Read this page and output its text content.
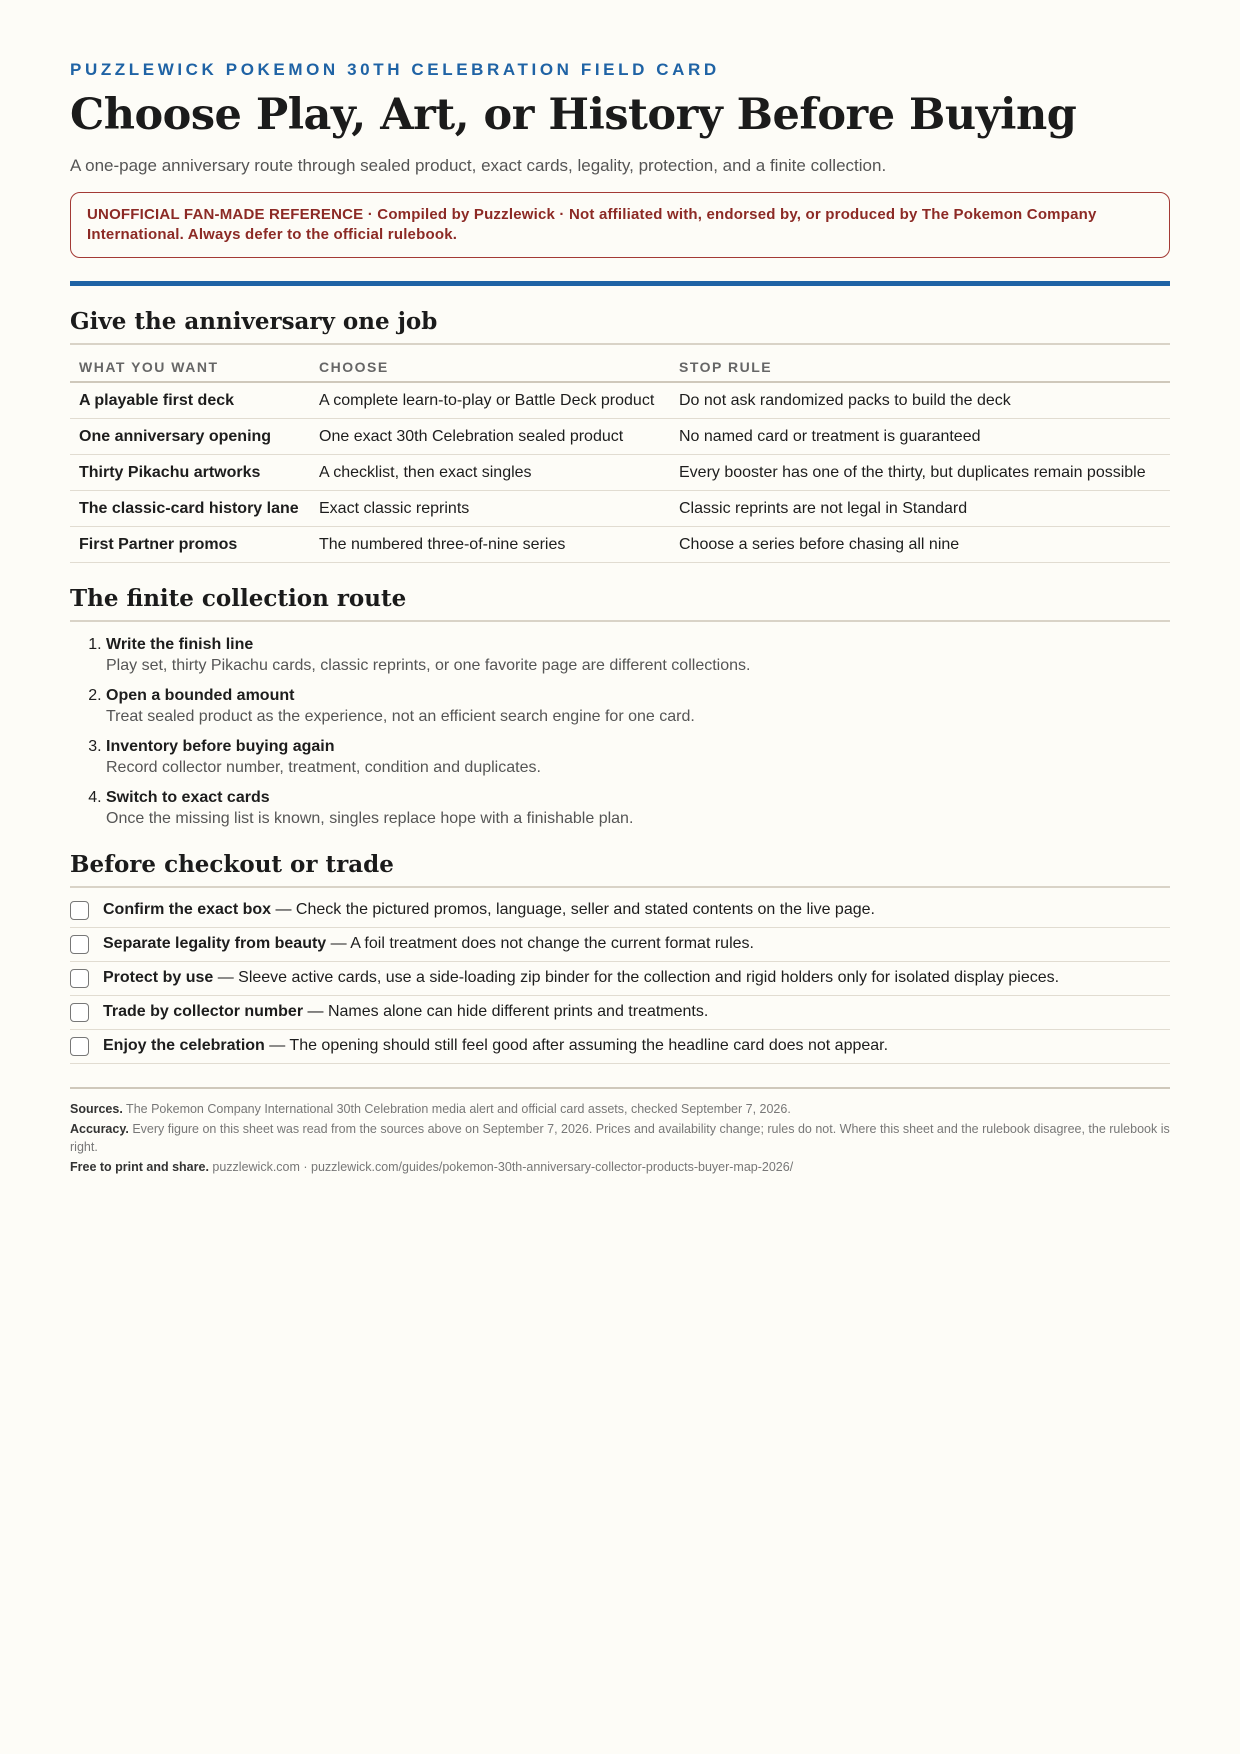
PUZZLEWICK POKEMON 30TH CELEBRATION FIELD CARD
Choose Play, Art, or History Before Buying
A one-page anniversary route through sealed product, exact cards, legality, protection, and a finite collection.
UNOFFICIAL FAN-MADE REFERENCE · Compiled by Puzzlewick · Not affiliated with, endorsed by, or produced by The Pokemon Company International. Always defer to the official rulebook.
Give the anniversary one job
WHAT YOU WANT	CHOOSE	STOP RULE
A playable first deck	A complete learn-to-play or Battle Deck product	Do not ask randomized packs to build the deck
One anniversary opening	One exact 30th Celebration sealed product	No named card or treatment is guaranteed
Thirty Pikachu artworks	A checklist, then exact singles	Every booster has one of the thirty, but duplicates remain possible
The classic-card history lane	Exact classic reprints	Classic reprints are not legal in Standard
First Partner promos	The numbered three-of-nine series	Choose a series before chasing all nine
The finite collection route
1. Write the finish line
Play set, thirty Pikachu cards, classic reprints, or one favorite page are different collections.
2. Open a bounded amount
Treat sealed product as the experience, not an efficient search engine for one card.
3. Inventory before buying again
Record collector number, treatment, condition and duplicates.
4. Switch to exact cards
Once the missing list is known, singles replace hope with a finishable plan.
Before checkout or trade
Confirm the exact box — Check the pictured promos, language, seller and stated contents on the live page.
Separate legality from beauty — A foil treatment does not change the current format rules.
Protect by use — Sleeve active cards, use a side-loading zip binder for the collection and rigid holders only for isolated display pieces.
Trade by collector number — Names alone can hide different prints and treatments.
Enjoy the celebration — The opening should still feel good after assuming the headline card does not appear.
Sources. The Pokemon Company International 30th Celebration media alert and official card assets, checked September 7, 2026.
Accuracy. Every figure on this sheet was read from the sources above on September 7, 2026. Prices and availability change; rules do not. Where this sheet and the rulebook disagree, the rulebook is right.
Free to print and share. puzzlewick.com · puzzlewick.com/guides/pokemon-30th-anniversary-collector-products-buyer-map-2026/
